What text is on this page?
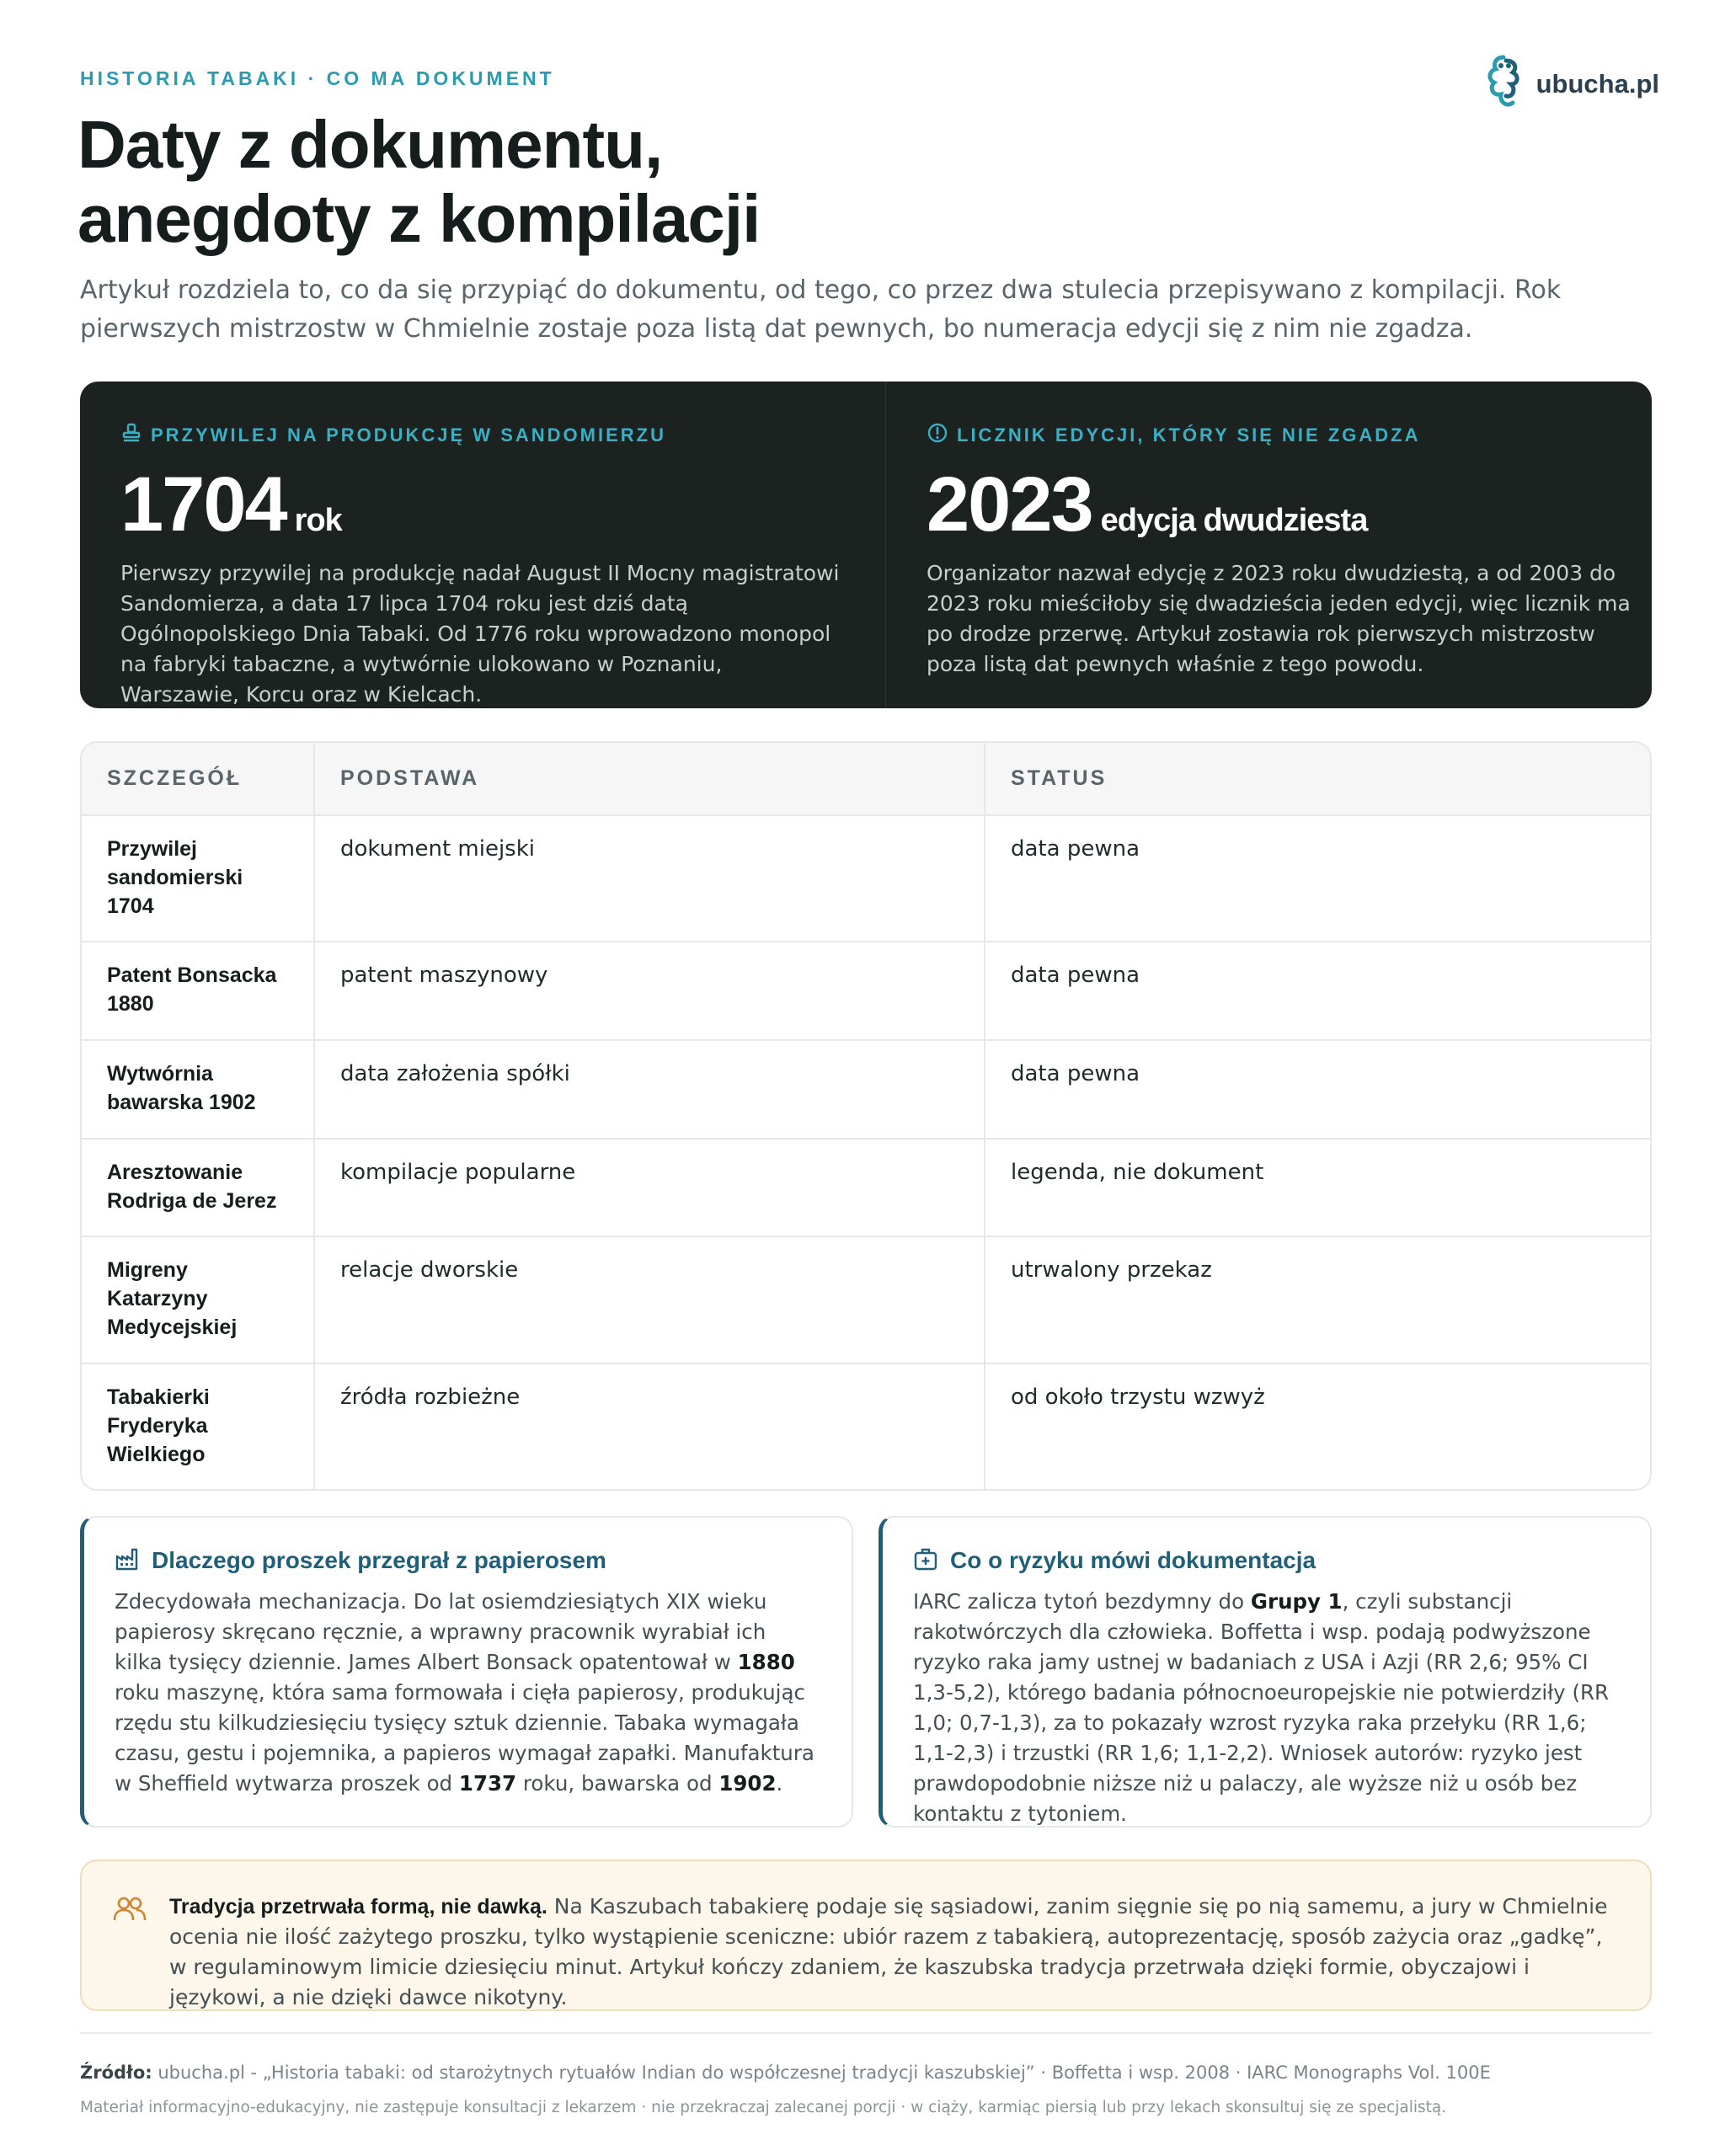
HISTORIA TABAKI · CO MA DOKUMENT	ubucha.pl
Daty z dokumentu,
anegdoty z kompilacji

Artykuł rozdziela to, co da się przypiąć do dokumentu, od tego, co przez dwa stulecia przepisywano z kompilacji. Rok pierwszych mistrzostw w Chmielnie zostaje poza listą dat pewnych, bo numeracja edycji się z nim nie zgadza.

PRZYWILEJ NA PRODUKCJĘ W SANDOMIERZU
1704 rok

Pierwszy przywilej na produkcję nadał August II Mocny magistratowi Sandomierza, a data 17 lipca 1704 roku jest dziś datą Ogólnopolskiego Dnia Tabaki. Od 1776 roku wprowadzono monopol na fabryki tabaczne, a wytwórnie ulokowano w Poznaniu, Warszawie, Korcu oraz w Kielcach.

LICZNIK EDYCJI, KTÓRY SIĘ NIE ZGADZA
2023 edycja dwudziesta

Organizator nazwał edycję z 2023 roku dwudziestą, a od 2003 do 2023 roku mieściłoby się dwadzieścia jeden edycji, więc licznik ma po drodze przerwę. Artykuł zostawia rok pierwszych mistrzostw poza listą dat pewnych właśnie z tego powodu.

SZCZEGÓŁ	PODSTAWA	STATUS
Przywilej sandomierski 1704	dokument miejski	data pewna
Patent Bonsacka 1880	patent maszynowy	data pewna
Wytwórnia bawarska 1902	data założenia spółki	data pewna
Aresztowanie Rodriga de Jerez	kompilacje popularne	legenda, nie dokument
Migreny Katarzyny Medycejskiej	relacje dworskie	utrwalony przekaz
Tabakierki Fryderyka Wielkiego	źródła rozbieżne	od około trzystu wzwyż
Dlaczego proszek przegrał z papierosem

Zdecydowała mechanizacja. Do lat osiemdziesiątych XIX wieku papierosy skręcano ręcznie, a wprawny pracownik wyrabiał ich kilka tysięcy dziennie. James Albert Bonsack opatentował w 1880 roku maszynę, która sama formowała i cięła papierosy, produkując rzędu stu kilkudziesięciu tysięcy sztuk dziennie. Tabaka wymagała czasu, gestu i pojemnika, a papieros wymagał zapałki. Manufaktura w Sheffield wytwarza proszek od 1737 roku, bawarska od 1902.

Co o ryzyku mówi dokumentacja

IARC zalicza tytoń bezdymny do Grupy 1, czyli substancji rakotwórczych dla człowieka. Boffetta i wsp. podają podwyższone ryzyko raka jamy ustnej w badaniach z USA i Azji (RR 2,6; 95% CI 1,3‑5,2), którego badania północnoeuropejskie nie potwierdziły (RR 1,0; 0,7‑1,3), za to pokazały wzrost ryzyka raka przełyku (RR 1,6; 1,1‑2,3) i trzustki (RR 1,6; 1,1‑2,2). Wniosek autorów: ryzyko jest prawdopodobnie niższe niż u palaczy, ale wyższe niż u osób bez kontaktu z tytoniem.

Tradycja przetrwała formą, nie dawką. Na Kaszubach tabakierę podaje się sąsiadowi, zanim sięgnie się po nią samemu, a jury w Chmielnie ocenia nie ilość zażytego proszku, tylko wystąpienie sceniczne: ubiór razem z tabakierą, autoprezentację, sposób zażycia oraz „gadkę”, w regulaminowym limicie dziesięciu minut. Artykuł kończy zdaniem, że kaszubska tradycja przetrwała dzięki formie, obyczajowi i językowi, a nie dzięki dawce nikotyny.

Źródło: ubucha.pl - „Historia tabaki: od starożytnych rytuałów Indian do współczesnej tradycji kaszubskiej” · Boffetta i wsp. 2008 · IARC Monographs Vol. 100E

Materiał informacyjno-edukacyjny, nie zastępuje konsultacji z lekarzem · nie przekraczaj zalecanej porcji · w ciąży, karmiąc piersią lub przy lekach skonsultuj się ze specjalistą.
